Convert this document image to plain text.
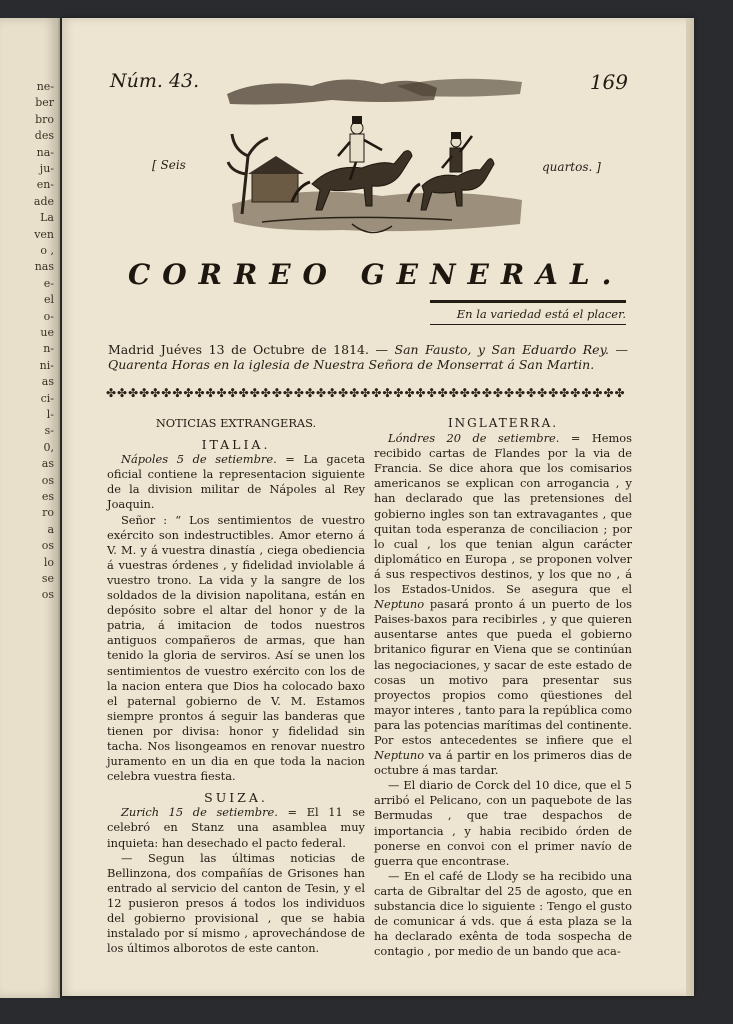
ne-
ber
bro
des
na-
ju-
en-
ade
La
ven
o ,
nas
e-
el
o-
ue
n-
ni-
as
ci-
l-
s-
0,
as
os
es
ro
a
os
lo
se
os
Núm. 43.	169
[ Seis	quartos. ]
CORREO GENERAL.
En la variedad está el placer.
Madrid Juéves 13 de Octubre de 1814. — San Fausto, y San Eduardo Rey. — Quarenta Horas en la iglesia de Nuestra Señora de Monserrat á San Martin.
✤✤✤✤✤✤✤✤✤✤✤✤✤✤✤✤✤✤✤✤✤✤✤✤✤✤✤✤✤✤✤✤✤✤✤✤✤✤✤✤✤✤✤✤✤✤✤

NOTICIAS EXTRANGERAS.

ITALIA.

Nápoles 5 de setiembre. = La gaceta oficial contiene la representacion siguiente de la division militar de Nápoles al Rey Joaquin.

Señor : “ Los sentimientos de vuestro exército son indestructibles. Amor eterno á V. M. y á vuestra dinastía , ciega obediencia á vuestras órdenes , y fidelidad inviolable á vuestro trono. La vida y la sangre de los soldados de la division napolitana, están en depósito sobre el altar del honor y de la patria, á imitacion de todos nuestros antiguos compañeros de armas, que han tenido la gloria de serviros. Así se unen los sentimientos de vuestro exército con los de la nacion entera que Dios ha colocado baxo el paternal gobierno de V. M. Estamos siempre prontos á seguir las banderas que tienen por divisa: honor y fidelidad sin tacha. Nos lisongeamos en renovar nuestro juramento en un dia en que toda la nacion celebra vuestra fiesta.

SUIZA.

Zurich 15 de setiembre. = El 11 se celebró en Stanz una asamblea muy inquieta: han desechado el pacto federal.

— Segun las últimas noticias de Bellinzona, dos compañías de Grisones han entrado al servicio del canton de Tesin, y el 12 pusieron presos á todos los individuos del gobierno provisional , que se habia instalado por sí mismo , aprovechándose de los últimos alborotos de este canton.

INGLATERRA.

Lóndres 20 de setiembre. = Hemos recibido cartas de Flandes por la via de Francia. Se dice ahora que los comisarios americanos se explican con arrogancia , y han declarado que las pretensiones del gobierno ingles son tan extravagantes , que quitan toda esperanza de conciliacion ; por lo cual , los que tenian algun carácter diplomático en Europa , se proponen volver á sus respectivos destinos, y los que no , á los Estados-Unidos. Se asegura que el Neptuno pasará pronto á un puerto de los Paises-baxos para recibirles , y que quieren ausentarse antes que pueda el gobierno britanico figurar en Viena que se continúan las negociaciones, y sacar de este estado de cosas un motivo para presentar sus proyectos propios como qüestiones del mayor interes , tanto para la república como para las potencias marítimas del continente. Por estos antecedentes se infiere que el Neptuno va á partir en los primeros dias de octubre á mas tardar.

— El diario de Corck del 10 dice, que el 5 arribó el Pelicano, con un paquebote de las Bermudas , que trae despachos de importancia , y habia recibido órden de ponerse en convoi con el primer navío de guerra que encontrase.

— En el café de Llody se ha recibido una carta de Gibraltar del 25 de agosto, que en substancia dice lo siguiente : Tengo el gusto de comunicar á vds. que á esta plaza se la ha declarado exênta de toda sospecha de contagio , por medio de un bando que aca-
